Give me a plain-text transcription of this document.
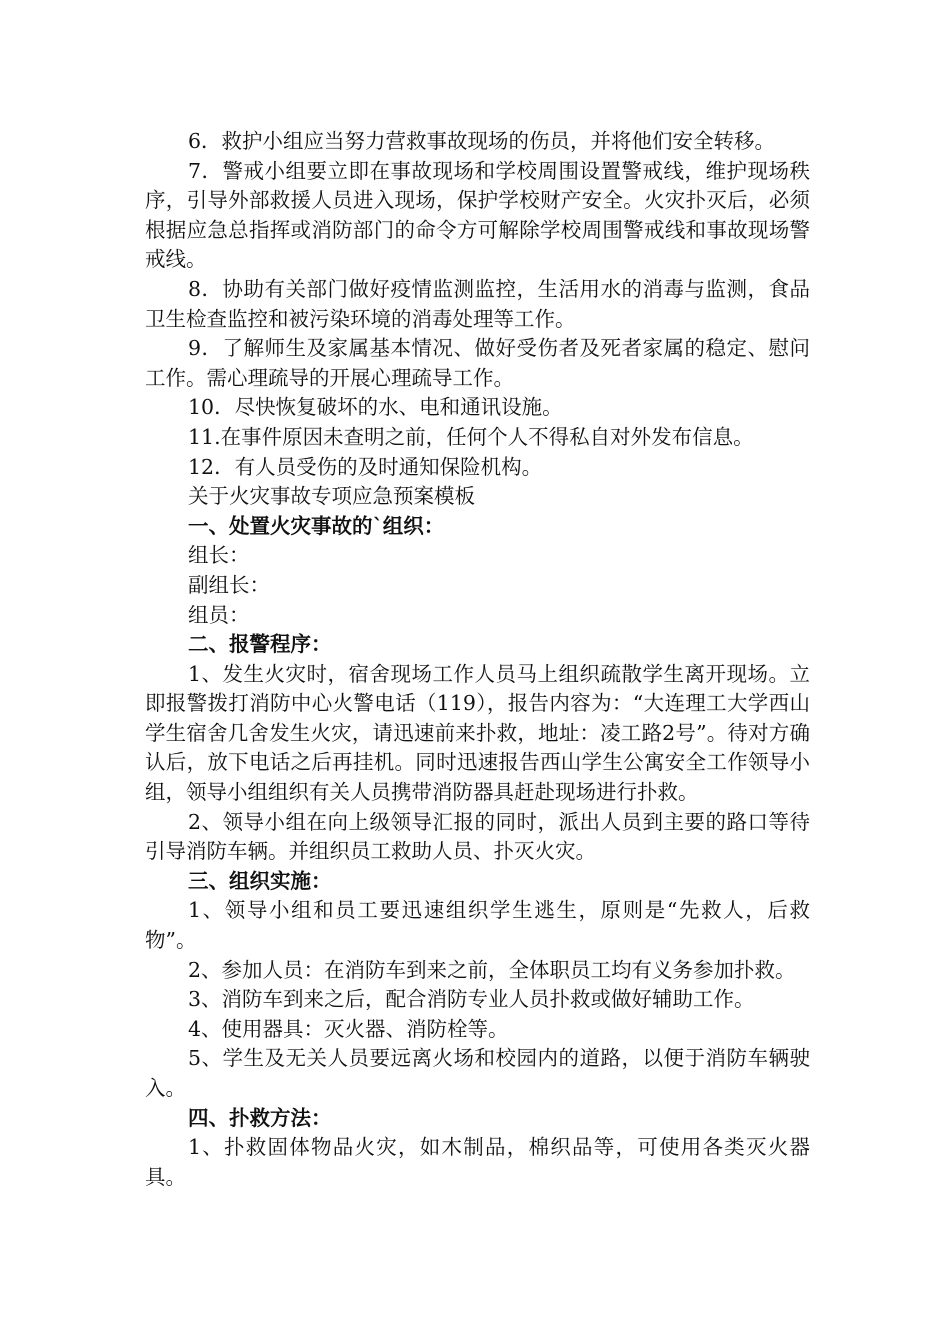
6．救护小组应当努力营救事故现场的伤员，并将他们安全转移。

7．警戒小组要立即在事故现场和学校周围设置警戒线，维护现场秩序，引导外部救援人员进入现场，保护学校财产安全。火灾扑灭后，必须根据应急总指挥或消防部门的命令方可解除学校周围警戒线和事故现场警戒线。

8．协助有关部门做好疫情监测监控，生活用水的消毒与监测，食品卫生检查监控和被污染环境的消毒处理等工作。

9．了解师生及家属基本情况、做好受伤者及死者家属的稳定、慰问工作。需心理疏导的开展心理疏导工作。

10．尽快恢复破坏的水、电和通讯设施。

11.在事件原因未查明之前，任何个人不得私自对外发布信息。

12．有人员受伤的及时通知保险机构。

关于火灾事故专项应急预案模板

一、处置火灾事故的`组织：

组长：

副组长：

组员：

二、报警程序：

1、发生火灾时，宿舍现场工作人员马上组织疏散学生离开现场。立即报警拨打消防中心火警电话（119），报告内容为：“大连理工大学西山学生宿舍几舍发生火灾，请迅速前来扑救，地址：凌工路2号”。待对方确认后，放下电话之后再挂机。同时迅速报告西山学生公寓安全工作领导小组，领导小组组织有关人员携带消防器具赶赴现场进行扑救。

2、领导小组在向上级领导汇报的同时，派出人员到主要的路口等待引导消防车辆。并组织员工救助人员、扑灭火灾。

三、组织实施：

1、领导小组和员工要迅速组织学生逃生，原则是“先救人，后救物”。

2、参加人员：在消防车到来之前，全体职员工均有义务参加扑救。

3、消防车到来之后，配合消防专业人员扑救或做好辅助工作。

4、使用器具：灭火器、消防栓等。

5、学生及无关人员要远离火场和校园内的道路，以便于消防车辆驶入。

四、扑救方法：

1、扑救固体物品火灾，如木制品，棉织品等，可使用各类灭火器具。
